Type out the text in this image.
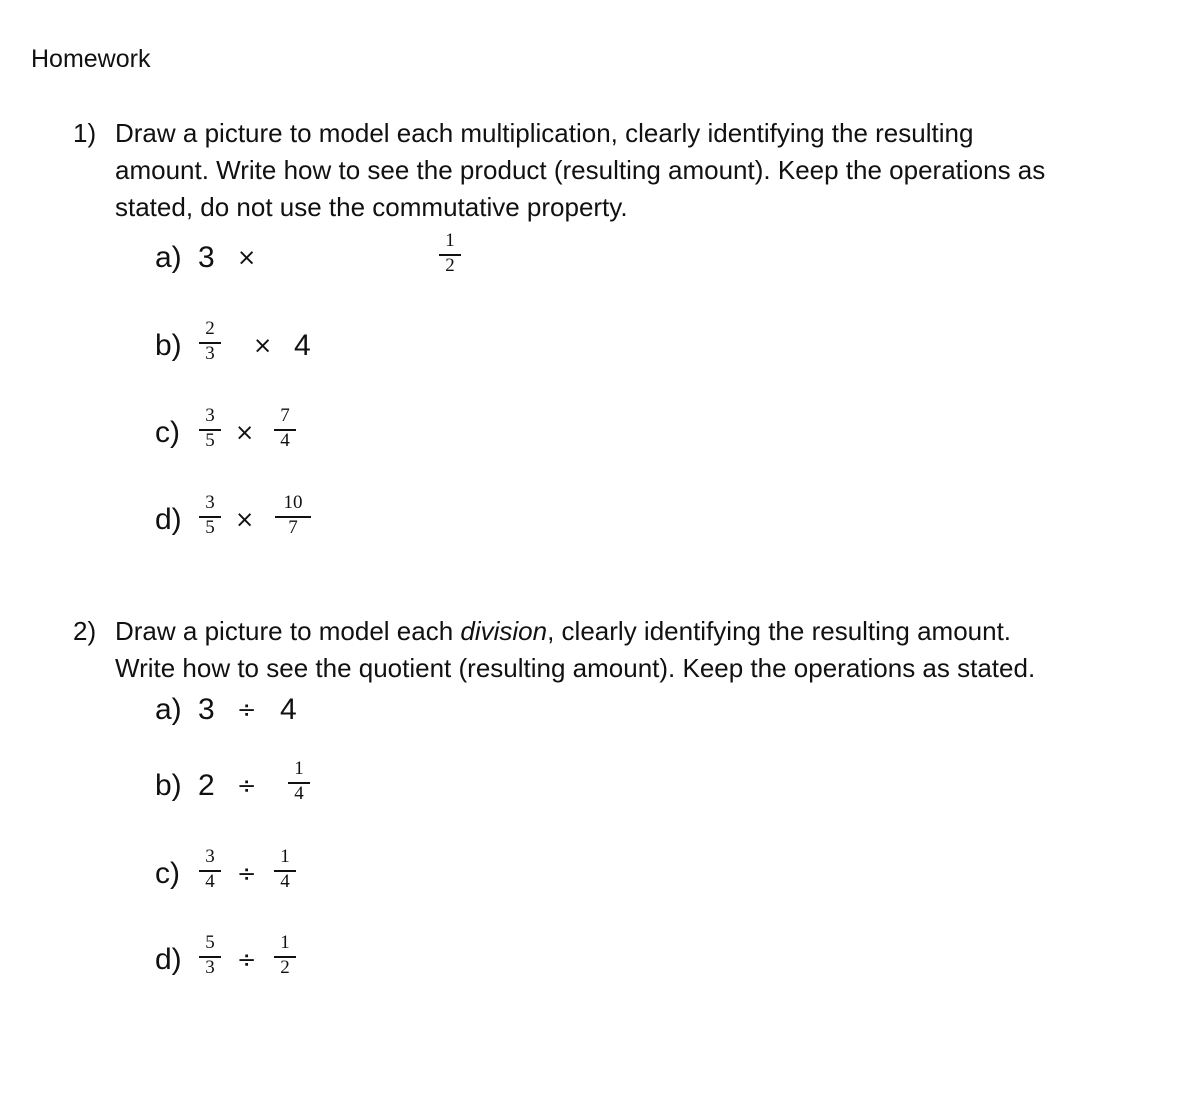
Homework
1) Draw a picture to model each multiplication, clearly identifying the resulting
amount. Write how to see the product (resulting amount). Keep the operations as
stated, do not use the commutative property.
a) 3 ×
1
2
b)
2
3 × 4
c)
3
5 ×
7
4
d)
3
5 ×
10
7
2) Draw a picture to model each division, clearly identifying the resulting amount.
Write how to see the quotient (resulting amount). Keep the operations as stated.
a) 3 ÷ 4
b) 2 ÷
1
4
c)
3
4 ÷
1
4
d)
5
3 ÷
1
2
